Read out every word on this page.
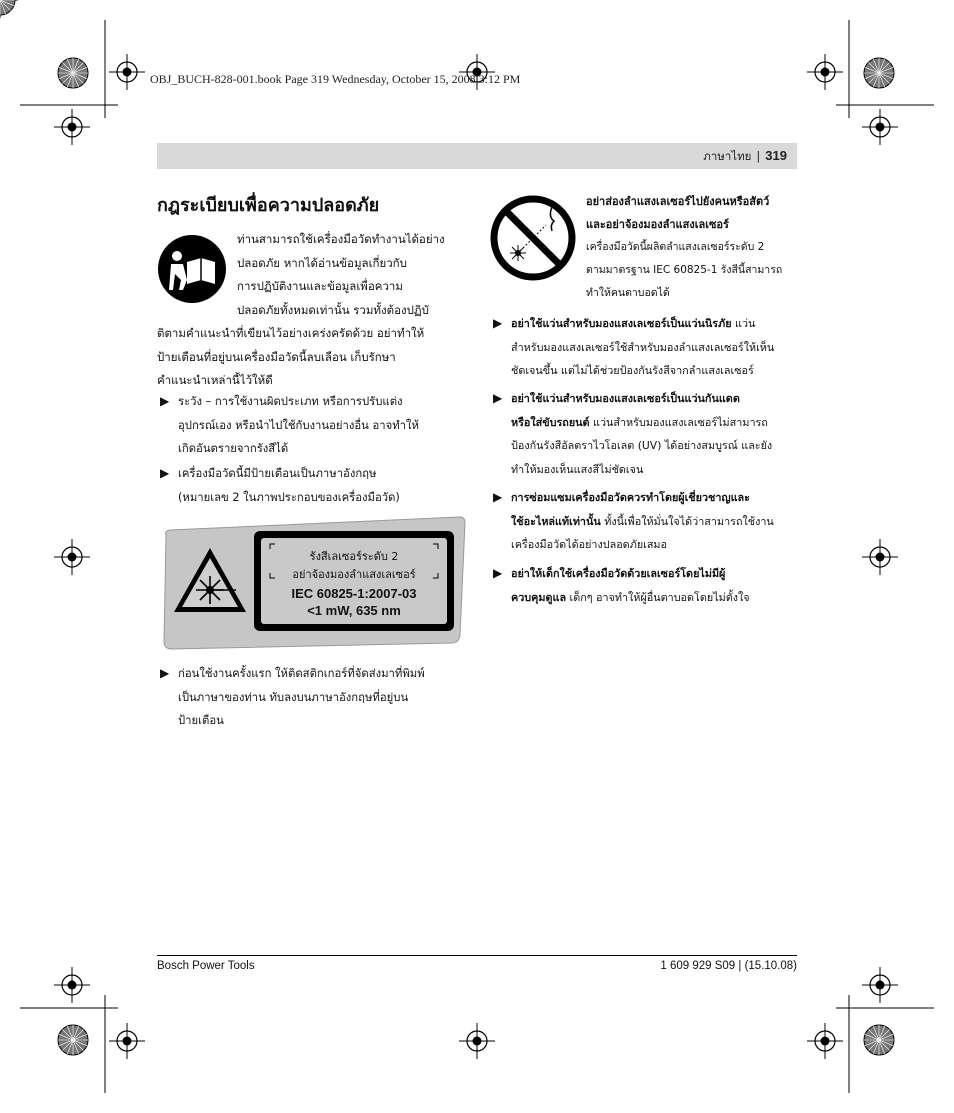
OBJ_BUCH-828-001.book Page 319 Wednesday, October 15, 2008 3:12 PM
ภาษาไทย | 319
กฎระเบียบเพื่อความปลอดภัย
ท่านสามารถใช้เครื่องมือวัดทำงานได้อย่าง
ปลอดภัย หากได้อ่านข้อมูลเกี่ยวกับ
การปฏิบัติงานและข้อมูลเพื่อความ
ปลอดภัยทั้งหมดเท่านั้น รวมทั้งต้องปฏิบั
ติตามคำแนะนำที่เขียนไว้อย่างเคร่งครัดด้วย อย่าทำให้
ป้ายเตือนที่อยู่บนเครื่องมือวัดนี้ลบเลือน เก็บรักษา
คำแนะนำเหล่านี้ไว้ให้ดี
▶ ระวัง – การใช้งานผิดประเภท หรือการปรับแต่ง
อุปกรณ์เอง หรือนำไปใช้กับงานอย่างอื่น อาจทำให้
เกิดอันตรายจากรังสีได้
▶ เครื่องมือวัดนี้มีป้ายเตือนเป็นภาษาอังกฤษ
(หมายเลข 2 ในภาพประกอบของเครื่องมือวัด)
รังสีเลเซอร์ระดับ 2
อย่าจ้องมองลำแสงเลเซอร์
IEC 60825-1:2007-03
<1 mW, 635 nm
▶ ก่อนใช้งานครั้งแรก ให้ติดสติกเกอร์ที่จัดส่งมาที่พิมพ์
เป็นภาษาของท่าน ทับลงบนภาษาอังกฤษที่อยู่บน
ป้ายเตือน
อย่าส่องลำแสงเลเซอร์ไปยังคนหรือสัตว์
และอย่าจ้องมองลำแสงเลเซอร์
เครื่องมือวัดนี้ผลิตลำแสงเลเซอร์ระดับ 2
ตามมาตรฐาน IEC 60825-1 รังสีนี้สามารถ
ทำให้คนตาบอดได้
▶ อย่าใช้แว่นสำหรับมองแสงเลเซอร์เป็นแว่นนิรภัย แว่น
สำหรับมองแสงเลเซอร์ใช้สำหรับมองลำแสงเลเซอร์ให้เห็น
ชัดเจนขึ้น แต่ไม่ได้ช่วยป้องกันรังสีจากลำแสงเลเซอร์
▶ อย่าใช้แว่นสำหรับมองแสงเลเซอร์เป็นแว่นกันแดด
หรือใส่ขับรถยนต์ แว่นสำหรับมองแสงเลเซอร์ไม่สามารถ
ป้องกันรังสีอัลตราไวโอเลต (UV) ได้อย่างสมบูรณ์ และยัง
ทำให้มองเห็นแสงสีไม่ชัดเจน
▶ การซ่อมแซมเครื่องมือวัดควรทำโดยผู้เชี่ยวชาญและ
ใช้อะไหล่แท้เท่านั้น ทั้งนี้เพื่อให้มั่นใจได้ว่าสามารถใช้งาน
เครื่องมือวัดได้อย่างปลอดภัยเสมอ
▶ อย่าให้เด็กใช้เครื่องมือวัดด้วยเลเซอร์โดยไม่มีผู้
ควบคุมดูแล เด็กๆ อาจทำให้ผู้อื่นตาบอดโดยไม่ตั้งใจ
Bosch Power Tools	1 609 929 S09 | (15.10.08)
